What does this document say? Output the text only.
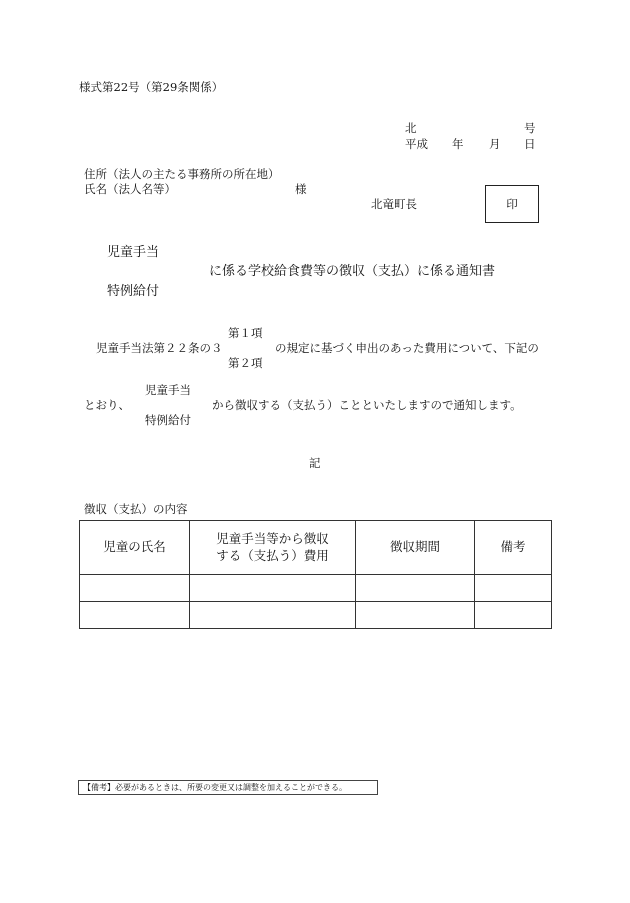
様式第22号（第29条関係）
北	号
平成 年 月 日
住所（法人の主たる事務所の所在地）
氏名（法人名等）	様
北竜町長	印
児童手当
に係る学校給食費等の徴収（支払）に係る通知書
特例給付
第１項
児童手当法第２２条の３	の規定に基づく申出のあった費用について、下記の
第２項
児童手当
とおり、	から徴収する（支払う）ことといたしますので通知します。
特例給付
記
徴収（支払）の内容
児童の氏名	児童手当等から徴収
する（支払う）費用	徴収期間	備考

【備考】必要があるときは、所要の変更又は調整を加えることができる。
